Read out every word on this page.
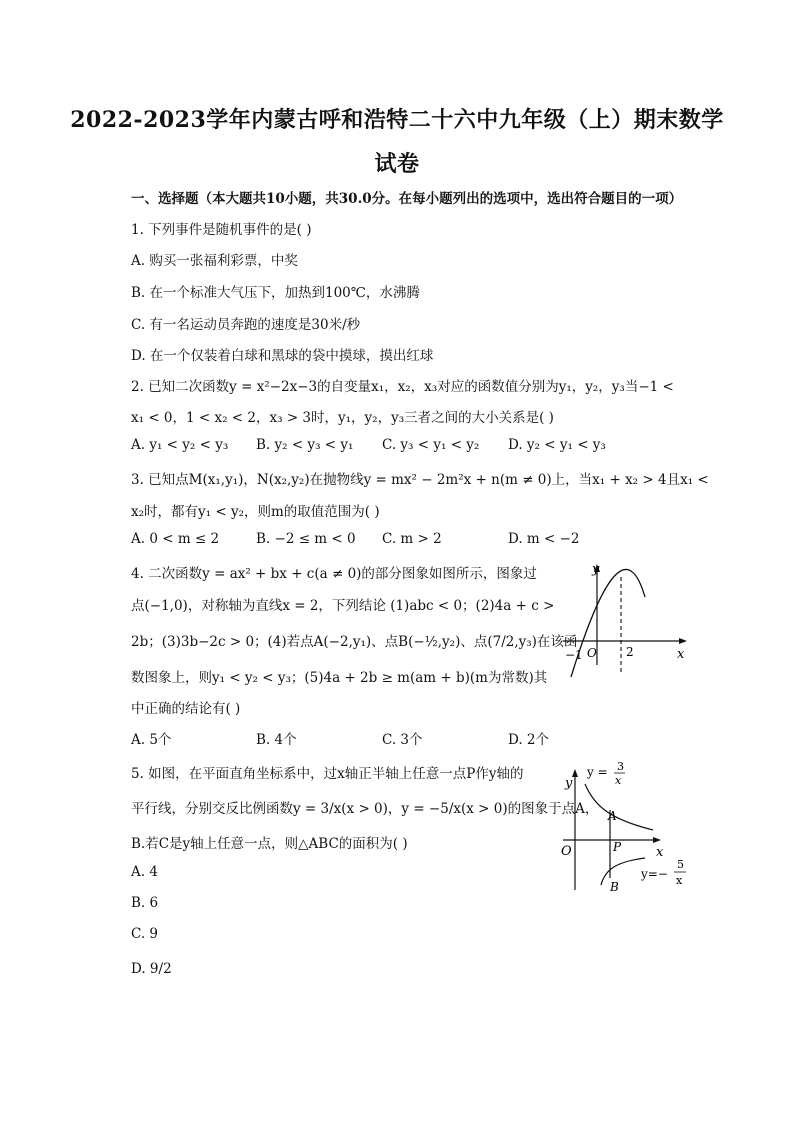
2022-2023学年内蒙古呼和浩特二十六中九年级（上）期末数学
试卷
一、选择题（本大题共10小题，共30.0分。在每小题列出的选项中，选出符合题目的一项）
1. 下列事件是随机事件的是( )
A. 购买一张福利彩票，中奖
B. 在一个标准大气压下，加热到100℃，水沸腾
C. 有一名运动员奔跑的速度是30米/秒
D. 在一个仅装着白球和黑球的袋中摸球，摸出红球
2. 已知二次函数y = x²−2x−3的自变量x₁，x₂，x₃对应的函数值分别为y₁，y₂，y₃当−1 <
x₁ < 0，1 < x₂ < 2，x₃ > 3时，y₁，y₂，y₃三者之间的大小关系是( )
A. y₁ < y₂ < y₃ B. y₂ < y₃ < y₁ C. y₃ < y₁ < y₂ D. y₂ < y₁ < y₃
3. 已知点M(x₁,y₁)，N(x₂,y₂)在抛物线y = mx² − 2m²x + n(m ≠ 0)上，当x₁ + x₂ > 4且x₁ <
x₂时，都有y₁ < y₂，则m的取值范围为( )
A. 0 < m ≤ 2	B. −2 ≤ m < 0 C. m > 2	D. m < −2
4. 二次函数y = ax² + bx + c(a ≠ 0)的部分图象如图所示，图象过
点(−1,0)，对称轴为直线x = 2，下列结论 (1)abc < 0；(2)4a + c >
2b；(3)3b−2c > 0；(4)若点A(−2,y₁)、点B(−½,y₂)、点(7/2,y₃)在该函
数图象上，则y₁ < y₂ < y₃；(5)4a + 2b ≥ m(am + b)(m为常数)其
中正确的结论有( )
A. 5个	B. 4个	C. 3个	D. 2个
y
x
−1 O 2
5. 如图，在平面直角坐标系中，过x轴正半轴上任意一点P作y轴的
平行线，分别交反比例函数y = 3/x(x > 0)，y = −5/x(x > 0)的图象于点A，
B.若C是y轴上任意一点，则△ABC的面积为( )
A. 4
B. 6
C. 9
D. 9/2
y
x
O
A
P
B
y = 3
x
y=−
5
x
